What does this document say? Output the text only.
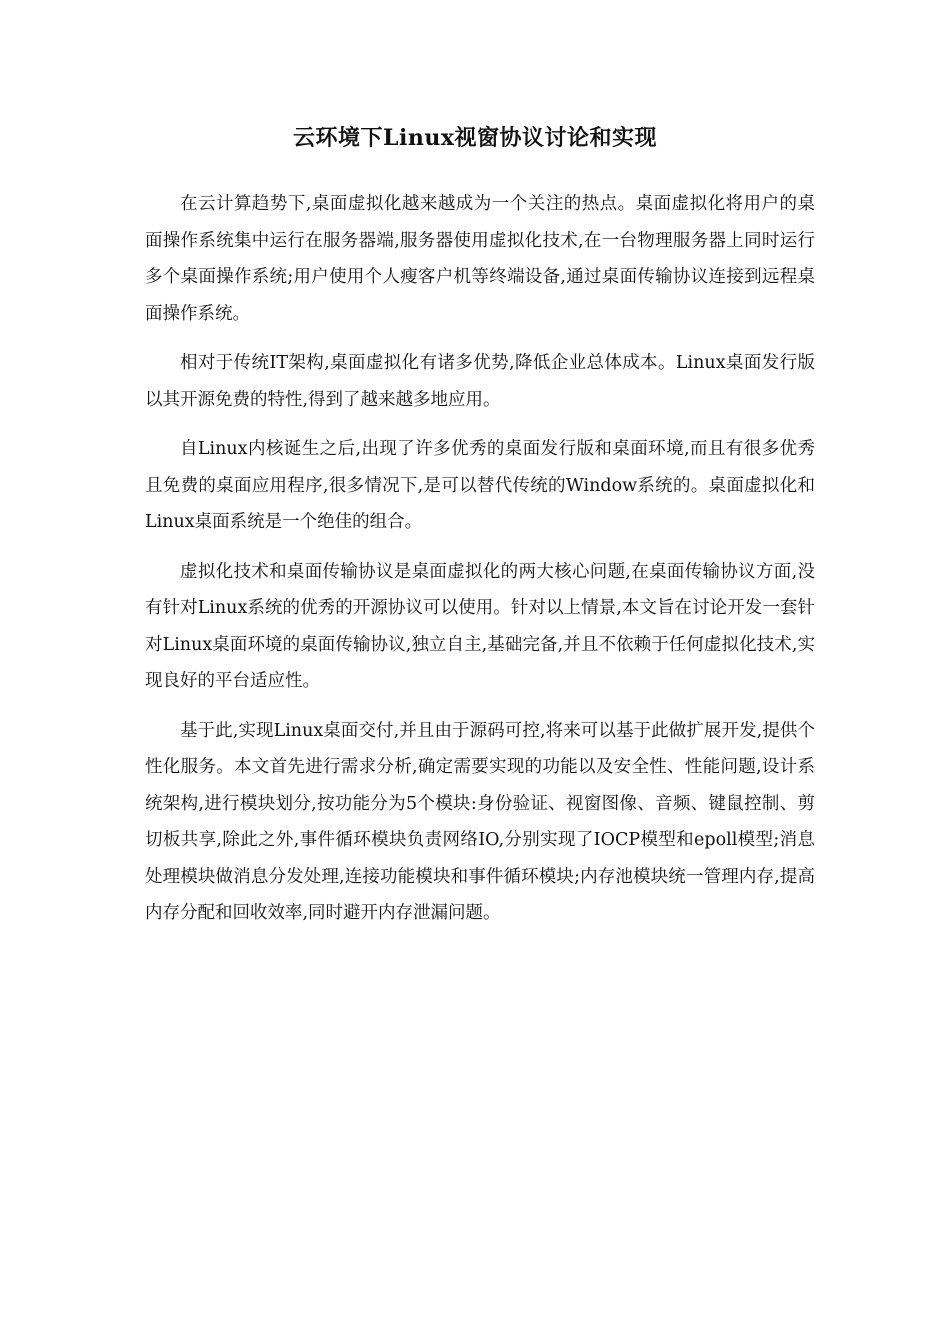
云环境下Linux视窗协议讨论和实现

在云计算趋势下,桌面虚拟化越来越成为一个关注的热点。桌面虚拟化将用户的桌面操作系统集中运行在服务器端,服务器使用虚拟化技术,在一台物理服务器上同时运行多个桌面操作系统;用户使用个人瘦客户机等终端设备,通过桌面传输协议连接到远程桌面操作系统。

相对于传统IT架构,桌面虚拟化有诸多优势,降低企业总体成本。Linux桌面发行版以其开源免费的特性,得到了越来越多地应用。

自Linux内核诞生之后,出现了许多优秀的桌面发行版和桌面环境,而且有很多优秀且免费的桌面应用程序,很多情况下,是可以替代传统的Window系统的。桌面虚拟化和Linux桌面系统是一个绝佳的组合。

虚拟化技术和桌面传输协议是桌面虚拟化的两大核心问题,在桌面传输协议方面,没有针对Linux系统的优秀的开源协议可以使用。针对以上情景,本文旨在讨论开发一套针对Linux桌面环境的桌面传输协议,独立自主,基础完备,并且不依赖于任何虚拟化技术,实现良好的平台适应性。

基于此,实现Linux桌面交付,并且由于源码可控,将来可以基于此做扩展开发,提供个性化服务。本文首先进行需求分析,确定需要实现的功能以及安全性、性能问题,设计系统架构,进行模块划分,按功能分为5个模块:身份验证、视窗图像、音频、键鼠控制、剪切板共享,除此之外,事件循环模块负责网络IO,分别实现了IOCP模型和epoll模型;消息处理模块做消息分发处理,连接功能模块和事件循环模块;内存池模块统一管理内存,提高内存分配和回收效率,同时避开内存泄漏问题。
